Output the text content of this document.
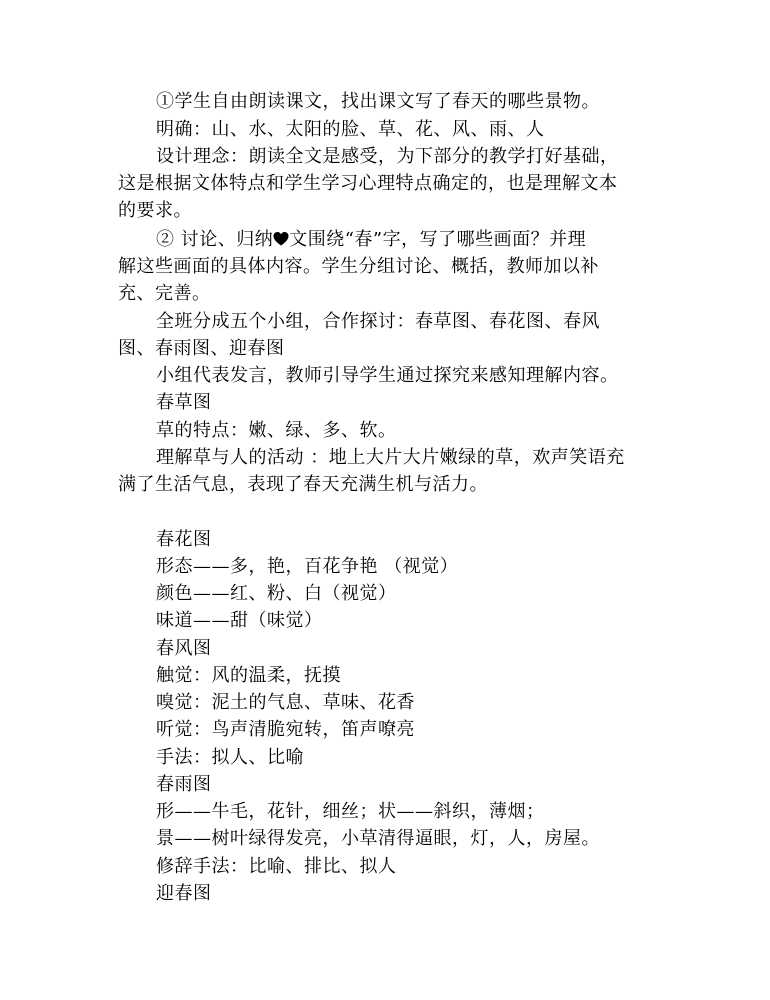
①学生自由朗读课文，找出课文写了春天的哪些景物。
明确：山、水、太阳的脸、草、花、风、雨、人
设计理念：朗读全文是感受，为下部分的教学打好基础，
这是根据文体特点和学生学习心理特点确定的，也是理解文本
的要求。
② 讨论、归纳 文围绕“春”字，写了哪些画面？并理
解这些画面的具体内容。学生分组讨论、概括，教师加以补
充、完善。
全班分成五个小组，合作探讨：春草图、春花图、春风
图、春雨图、迎春图
小组代表发言，教师引导学生通过探究来感知理解内容。
春草图
草的特点：嫩、绿、多、软。
理解草与人的活动 ：地上大片大片嫩绿的草，欢声笑语充
满了生活气息，表现了春天充满生机与活力。
春花图
形态——多，艳，百花争艳 （视觉）
颜色——红、粉、白（视觉）
味道——甜（味觉）
春风图
触觉：风的温柔，抚摸
嗅觉：泥土的气息、草味、花香
听觉：鸟声清脆宛转，笛声嘹亮
手法：拟人、比喻
春雨图
形——牛毛，花针，细丝；状——斜织，薄烟；
景——树叶绿得发亮，小草清得逼眼，灯，人，房屋。
修辞手法：比喻、排比、拟人
迎春图
